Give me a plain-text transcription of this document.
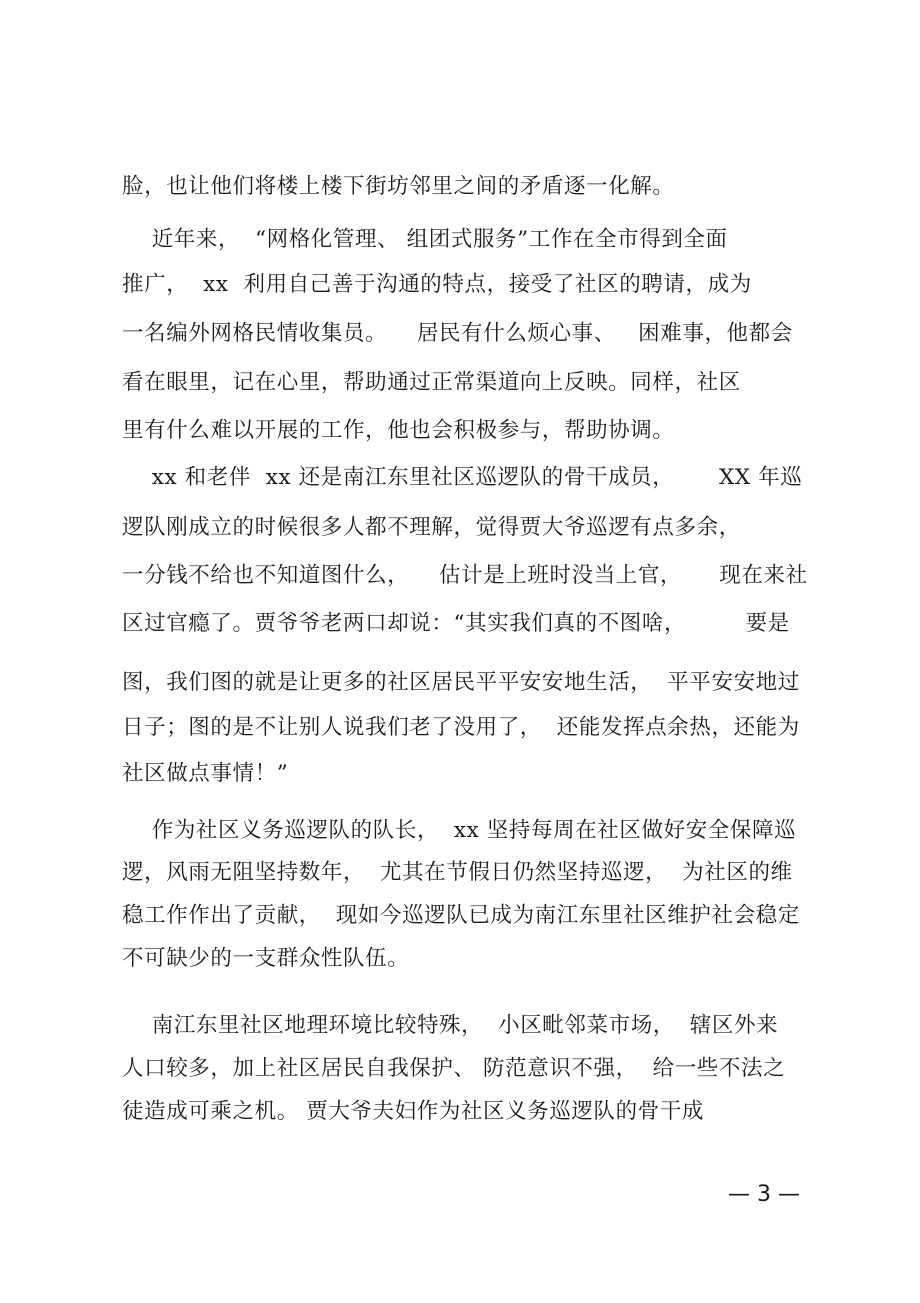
脸，也让他们将楼上楼下街坊邻里之间的矛盾逐一化解。
近年来，  “网格化管理、 组团式服务”工作在全市得到全面
推广，  xx  利用自己善于沟通的特点，接受了社区的聘请，成为
一名编外网格民情收集员。    居民有什么烦心事、   困难事，他都会
看在眼里，记在心里，帮助通过正常渠道向上反映。同样，社区
里有什么难以开展的工作，他也会积极参与，帮助协调。
xx 和老伴  xx 还是南江东里社区巡逻队的骨干成员，      XX 年巡
逻队刚成立的时候很多人都不理解，觉得贾大爷巡逻有点多余，
一分钱不给也不知道图什么，    估计是上班时没当上官，     现在来社
区过官瘾了。贾爷爷老两口却说：“其实我们真的不图啥，        要是
图，我们图的就是让更多的社区居民平平安安地生活，  平平安安地过
日子；图的是不让别人说我们老了没用了，  还能发挥点余热，还能为
社区做点事情！”
作为社区义务巡逻队的队长，  xx 坚持每周在社区做好安全保障巡
逻，风雨无阻坚持数年，  尤其在节假日仍然坚持巡逻，  为社区的维
稳工作作出了贡献，  现如今巡逻队已成为南江东里社区维护社会稳定
不可缺少的一支群众性队伍。
南江东里社区地理环境比较特殊，  小区毗邻菜市场，  辖区外来
人口较多，加上社区居民自我保护、 防范意识不强，  给一些不法之
徒造成可乘之机。 贾大爷夫妇作为社区义务巡逻队的骨干成
— 3 —
